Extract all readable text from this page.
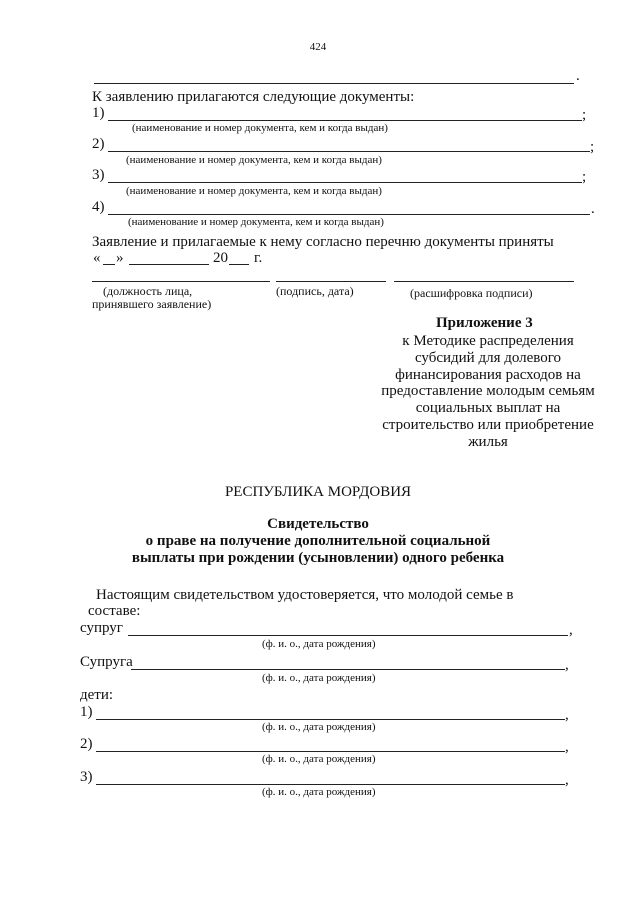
424
.
К заявлению прилагаются следующие документы:
1)	;
(наименование и номер документа, кем и когда выдан)
2)	;
(наименование и номер документа, кем и когда выдан)
3)	;
(наименование и номер документа, кем и когда выдан)
4)	.
(наименование и номер документа, кем и когда выдан)
Заявление и прилагаемые к нему согласно перечню документы приняты
« »	20 г.
(должность лица,
принявшего заявление)
(подпись, дата)	(расшифровка подписи)
Приложение 3
к Методике распределения
субсидий для долевого
финансирования расходов на
предоставление молодым семьям
социальных выплат на
строительство или приобретение
жилья
РЕСПУБЛИКА МОРДОВИЯ
Свидетельство
о праве на получение дополнительной социальной
выплаты при рождении (усыновлении) одного ребенка
Настоящим свидетельством удостоверяется, что молодой семье в
составе:
супруг	,
(ф. и. о., дата рождения)
Супруга	,
(ф. и. о., дата рождения)
дети:
1)	,
(ф. и. о., дата рождения)
2)	,
(ф. и. о., дата рождения)
3)	,
(ф. и. о., дата рождения)
